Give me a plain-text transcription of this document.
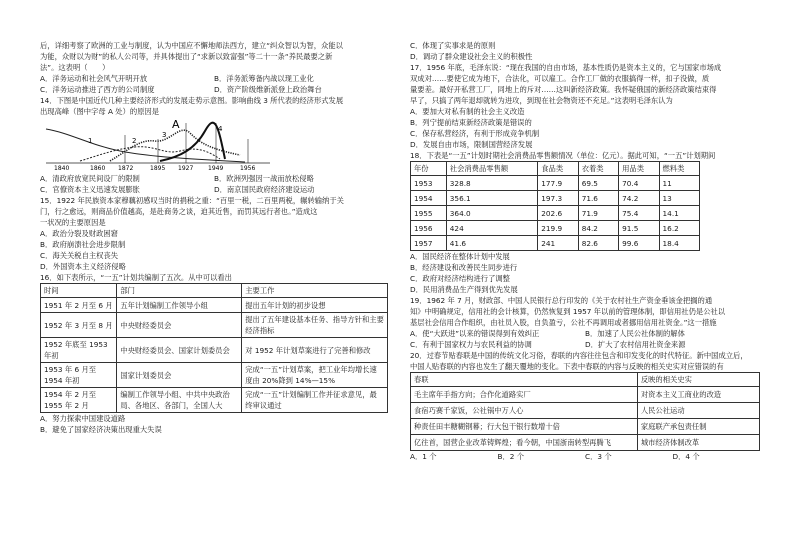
后，详细考察了欧洲的工业与制度，认为中国应不懈地师法西方，建立“纠众智以为智，众能以

为能，众财以为财”的私人公司等，并具体提出了“求新以致富强”等二十一条“养民最要之新

法”。这表明（　　）

A．洋务运动和社会风气开明开放	B．洋务派筹备内战以现工业化
C．洋务运动推进了西方的公司制度	D．资产阶级维新派登上政治舞台

14．下图是中国近代几种主要经济形式的发展走势示意图。影响曲线 3 所代表的经济形式发展

出现高峰（图中字母 A 处）的原因是

1	2
3
4
A
1840	1860 1872	1895 1927 1949	1956
A．清政府放宽民间设厂的限制	B．欧洲列强因一战而放松侵略
C．官僚资本主义迅速发展膨胀	D．南京国民政府经济建设运动

15．1922 年民族资本家穆藕初感叹当时的捐税之重：“百里一税，二百里两税，辗转输纳于关

门，行之愈远，则商品价值越高，是赴商务之谈，迫其近售，而罚其远行者也。”造成这

一状况的主要原因是

A．政治分裂及财政困窘

B．政府崩溃社会进步限制

C．海关关税自主权丧失

D．外国资本主义经济侵略

16．如下表所示，“一五”计划共编制了五次。从中可以看出

时间	部门	主要工作
1951 年 2 月至 6 月	五年计划编制工作领导小组	提出五年计划的初步设想
1952 年 3 月至 8 月	中央财经委员会	提出了五年建设基本任务、指导方针和主要经济指标
1952 年底至 1953 年初	中央财经委员会、国家计划委员会	对 1952 年计划草案进行了完善和修改
1953 年 6 月至 1954 年初	国家计划委员会	完成“一五”计划草案，把工业年均增长速度由 20%降到 14%—15%
1954 年 2 月至 1955 年 2 月	编制工作领导小组、中共中央政治局、各地区、各部门，全国人大	完成“一五”计划编制工作并征求意见，最终审议通过

A．努力探索中国建设道路

B．避免了国家经济决策出现重大失误

C．体现了实事求是的原则

D．调动了群众建设社会主义的积极性

17．1956 年底，毛泽东说：“现在我国的自由市场，基本性质仍是资本主义的，它与国家市场成

双成对……要使它成为地下，合法化，可以雇工。合作工厂做的衣服搞得一样，扣子没做，质

量要差。最好开私营工厂，同地上的斥对……这叫新经济政策。我怀疑俄国的新经济政策结束得

早了，只搞了两年退却就转为进攻，到现在社会物资还不充足。”这表明毛泽东认为

A．要加大对私有制的社会主义改造

B．列宁提前结束新经济政策是错误的

C．保存私营经济，有利于形成竞争机制

D．发展自由市场，限制国营经济发展

18．下表是“一五”计划时期社会消费品零售额情况（单位：亿元）。据此可知，“一五”计划期间

年份	社会消费品零售额	食品类	衣着类	用品类	燃料类
1953	328.8	177.9	69.5	70.4	11
1954	356.1	197.3	71.6	74.2	13
1955	364.0	202.6	71.9	75.4	14.1
1956	424	219.9	84.2	91.5	16.2
1957	41.6	241	82.6	99.6	18.4

A．国民经济在整体计划中发展

B．经济建设和改善民生同步进行

C．政府对经济结构进行了调整

D．民用消费品生产得到优先发展

19．1962 年 7 月，财政部、中国人民银行总行印发的《关于农村社生产资金垂该金把搁的通

知》中明确规定，信用社的会计核算，仍然恢复到 1957 年以前的管理体制，即信用社仍是公社以

基层社会信用合作组织，由社员入股，自负盈亏，公社不再调用或者挪用信用社资金。”这一措施

A．使“大跃进”以来的错误得到有效纠正	B．加速了人民公社体制的解体
C．有利于国家权力与农民利益的协调	D．扩大了农村信用社资金来源

20．过春节贴春联是中国的传统文化习俗，春联的内容往往包含和印发变化的时代特征。新中国成立后，

中国人贴春联的内容也发生了翻天覆地的变化。下表中春联的内容与反映的相关史实对应错误的有

春联	反映的相关史实
毛主席年手指方向；合作化道路实厂	对资本主义工商业的改造
食宿巧赛千家饭，公社锅中万人心	人民公社运动
种责任田丰糖糊钢幕；行大包干银行数增十倍	家庭联产承包责任制
亿往首，国营企业改革铸辉煌；看今朝，中国浙南转型再腾飞	城市经济体制改革
A．1 个	B．2 个	C．3 个	D．4 个
